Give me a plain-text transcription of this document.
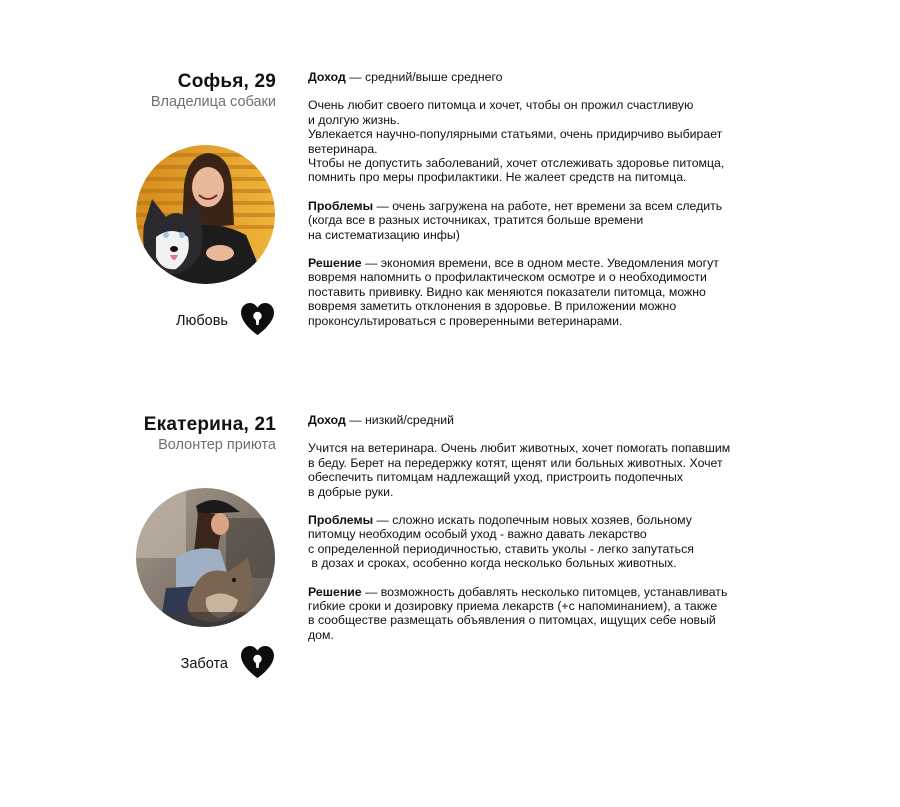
Софья, 29
Владелица собаки
Любовь
Доход — средний/выше среднего
Очень любит своего питомца и хочет, чтобы он прожил счастливую
и долгую жизнь.
Увлекается научно-популярными статьями, очень придирчиво выбирает
ветеринара.
Чтобы не допустить заболеваний, хочет отслеживать здоровье питомца,
помнить про меры профилактики. Не жалеет средств на питомца.
Проблемы — очень загружена на работе, нет времени за всем следить
(когда все в разных источниках, тратится больше времени
на систематизацию инфы)
Решение — экономия времени, все в одном месте. Уведомления могут
вовремя напомнить о профилактическом осмотре и о необходимости
поставить прививку. Видно как меняются показатели питомца, можно
вовремя заметить отклонения в здоровье. В приложении можно
проконсультироваться с проверенными ветеринарами.
Екатерина, 21
Волонтер приюта
Забота
Доход — низкий/средний
Учится на ветеринара. Очень любит животных, хочет помогать попавшим
в беду. Берет на передержку котят, щенят или больных животных. Хочет
обеспечить питомцам надлежащий уход, пристроить подопечных
в добрые руки.
Проблемы — сложно искать подопечным новых хозяев, больному
питомцу необходим особый уход - важно давать лекарство
с определенной периодичностью, ставить уколы - легко запутаться
в дозах и сроках, особенно когда несколько больных животных.
Решение — возможность добавлять несколько питомцев, устанавливать
гибкие сроки и дозировку приема лекарств (+с напоминанием), а также
в сообществе размещать объявления о питомцах, ищущих себе новый
дом.
